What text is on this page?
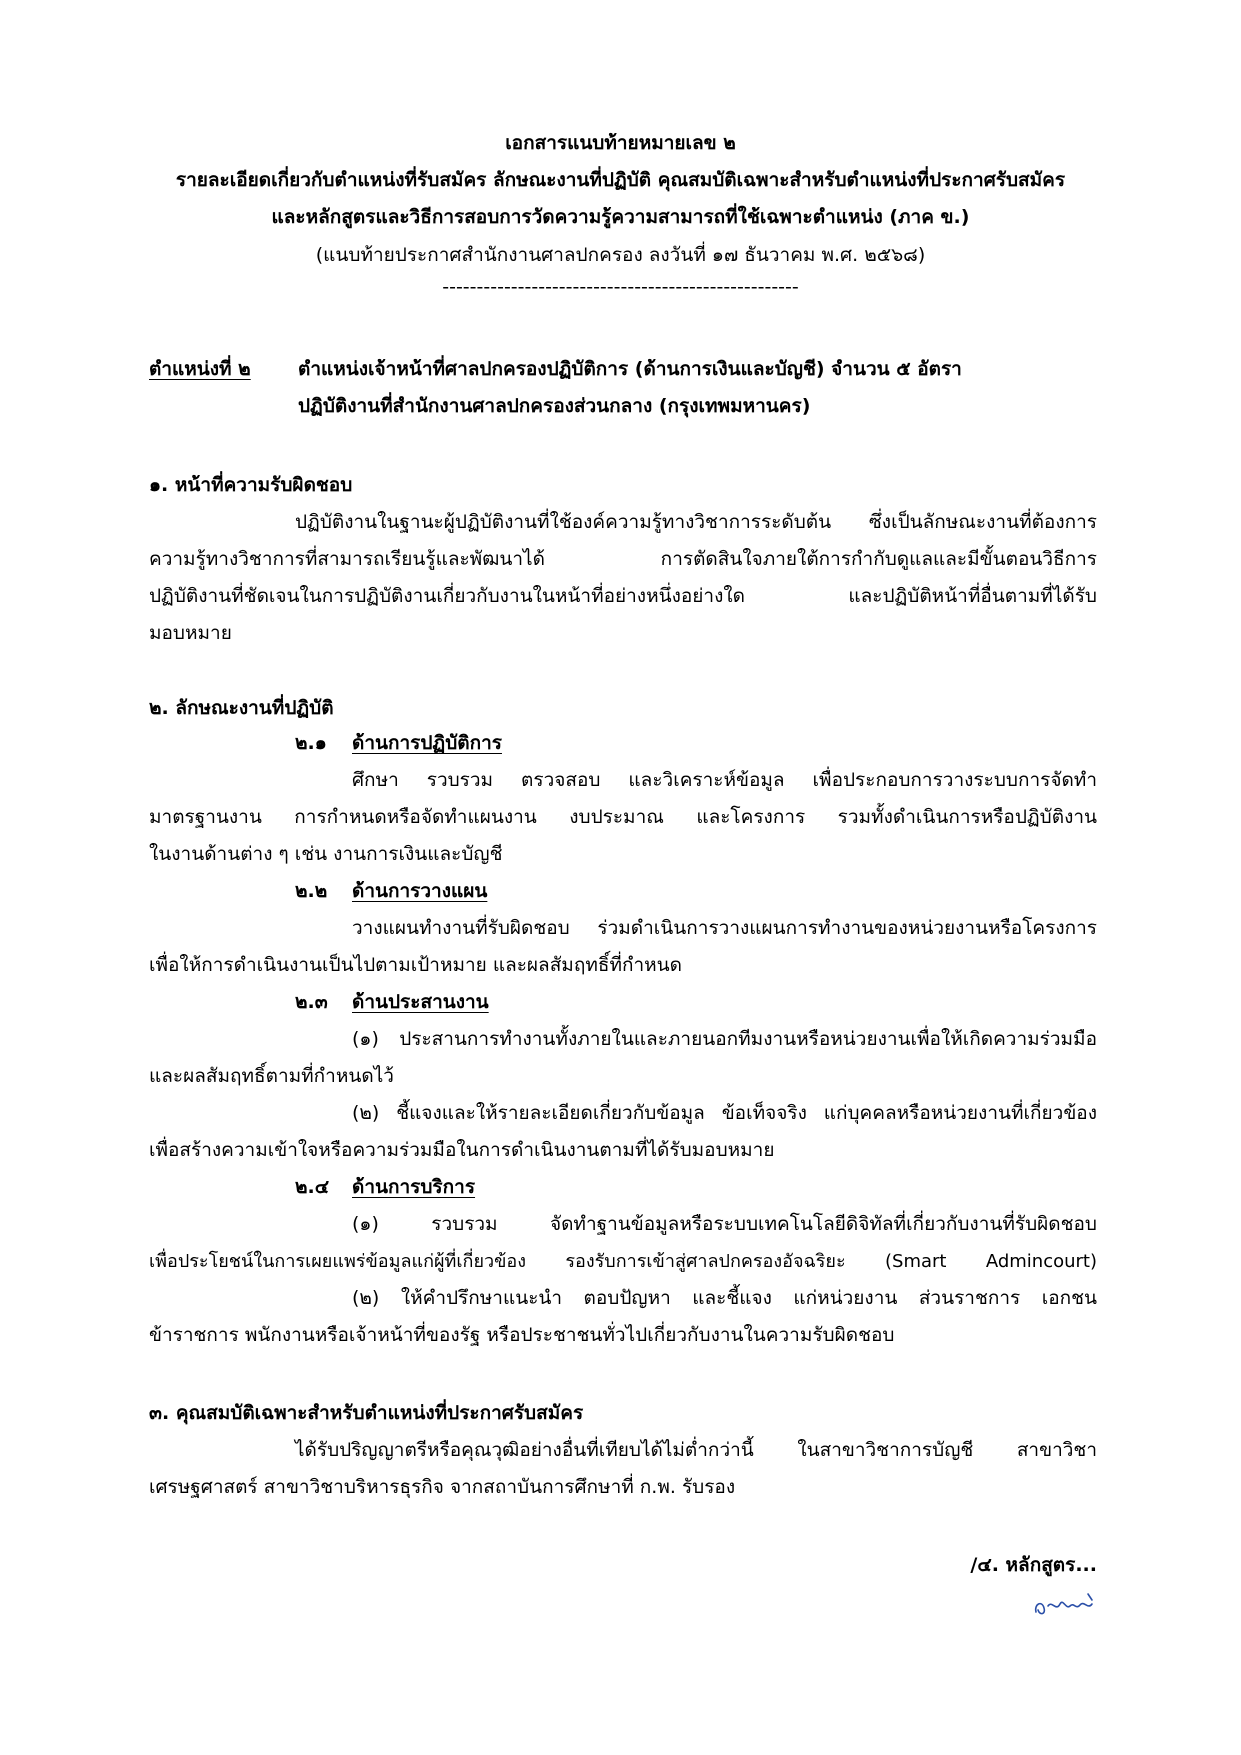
เอกสารแนบท้ายหมายเลข ๒
รายละเอียดเกี่ยวกับตำแหน่งที่รับสมัคร ลักษณะงานที่ปฏิบัติ คุณสมบัติเฉพาะสำหรับตำแหน่งที่ประกาศรับสมัคร
และหลักสูตรและวิธีการสอบการวัดความรู้ความสามารถที่ใช้เฉพาะตำแหน่ง (ภาค ข.)
(แนบท้ายประกาศสำนักงานศาลปกครอง ลงวันที่ ๑๗ ธันวาคม พ.ศ. ๒๕๖๘)
----------------------------------------------------
ตำแหน่งที่ ๒ ตำแหน่งเจ้าหน้าที่ศาลปกครองปฏิบัติการ (ด้านการเงินและบัญชี) จำนวน ๕ อัตรา
ปฏิบัติงานที่สำนักงานศาลปกครองส่วนกลาง (กรุงเทพมหานคร)
๑. หน้าที่ความรับผิดชอบ
ปฏิบัติงานในฐานะผู้ปฏิบัติงานที่ใช้องค์ความรู้ทางวิชาการระดับต้น ซึ่งเป็นลักษณะงานที่ต้องการ
ความรู้ทางวิชาการที่สามารถเรียนรู้และพัฒนาได้ การตัดสินใจภายใต้การกำกับดูแลและมีขั้นตอนวิธีการ
ปฏิบัติงานที่ชัดเจนในการปฏิบัติงานเกี่ยวกับงานในหน้าที่อย่างหนึ่งอย่างใด และปฏิบัติหน้าที่อื่นตามที่ได้รับ
มอบหมาย
๒. ลักษณะงานที่ปฏิบัติ
๒.๑ ด้านการปฏิบัติการ
ศึกษา รวบรวม ตรวจสอบ และวิเคราะห์ข้อมูล เพื่อประกอบการวางระบบการจัดทำ
มาตรฐานงาน การกำหนดหรือจัดทำแผนงาน งบประมาณ และโครงการ รวมทั้งดำเนินการหรือปฏิบัติงาน
ในงานด้านต่าง ๆ เช่น งานการเงินและบัญชี
๒.๒ ด้านการวางแผน
วางแผนทำงานที่รับผิดชอบ ร่วมดำเนินการวางแผนการทำงานของหน่วยงานหรือโครงการ
เพื่อให้การดำเนินงานเป็นไปตามเป้าหมาย และผลสัมฤทธิ์ที่กำหนด
๒.๓ ด้านประสานงาน
(๑) ประสานการทำงานทั้งภายในและภายนอกทีมงานหรือหน่วยงานเพื่อให้เกิดความร่วมมือ
และผลสัมฤทธิ์ตามที่กำหนดไว้
(๒) ชี้แจงและให้รายละเอียดเกี่ยวกับข้อมูล ข้อเท็จจริง แก่บุคคลหรือหน่วยงานที่เกี่ยวข้อง
เพื่อสร้างความเข้าใจหรือความร่วมมือในการดำเนินงานตามที่ได้รับมอบหมาย
๒.๔ ด้านการบริการ
(๑) รวบรวม จัดทำฐานข้อมูลหรือระบบเทคโนโลยีดิจิทัลที่เกี่ยวกับงานที่รับผิดชอบ
เพื่อประโยชน์ในการเผยแพร่ข้อมูลแก่ผู้ที่เกี่ยวข้อง รองรับการเข้าสู่ศาลปกครองอัจฉริยะ (Smart Admincourt)
(๒) ให้คำปรึกษาแนะนำ ตอบปัญหา และชี้แจง แก่หน่วยงาน ส่วนราชการ เอกชน
ข้าราชการ พนักงานหรือเจ้าหน้าที่ของรัฐ หรือประชาชนทั่วไปเกี่ยวกับงานในความรับผิดชอบ
๓. คุณสมบัติเฉพาะสำหรับตำแหน่งที่ประกาศรับสมัคร
ได้รับปริญญาตรีหรือคุณวุฒิอย่างอื่นที่เทียบได้ไม่ต่ำกว่านี้ ในสาขาวิชาการบัญชี สาขาวิชา
เศรษฐศาสตร์ สาขาวิชาบริหารธุรกิจ จากสถาบันการศึกษาที่ ก.พ. รับรอง
/๔. หลักสูตร...
